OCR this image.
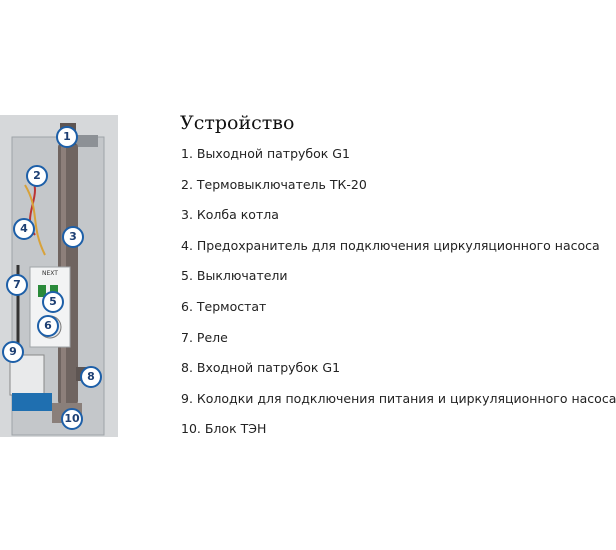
NEXT
1
2
3
4
5
6
7
8
9
10
Устройство
1. Выходной патрубок G1
2. Термовыключатель ТК-20
3. Колба котла
4. Предохранитель для подключения циркуляционного насоса
5. Выключатели
6. Термостат
7. Реле
8. Входной патрубок G1
9. Колодки для подключения питания и циркуляционного насоса
10. Блок ТЭН
